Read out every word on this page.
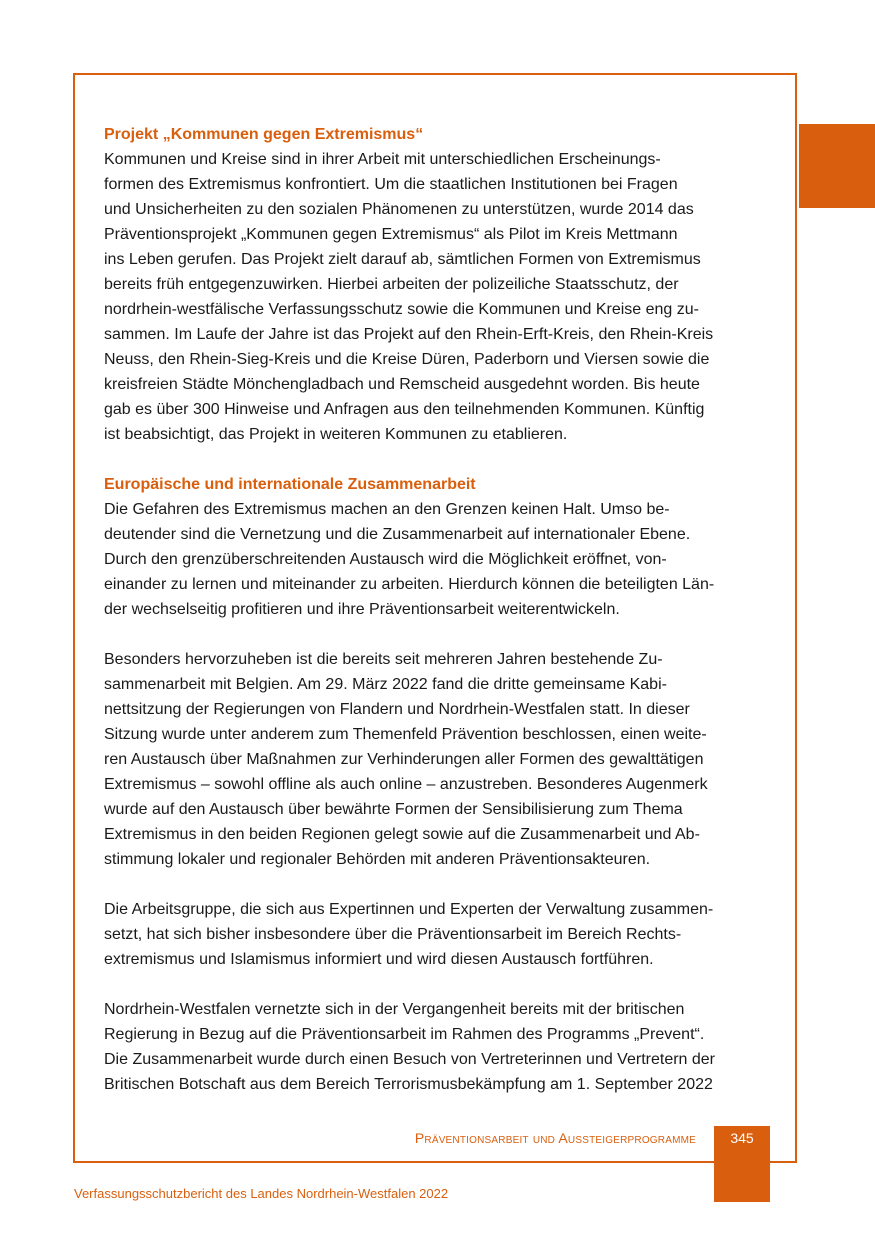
Projekt „Kommunen gegen Extremismus“

Kommunen und Kreise sind in ihrer Arbeit mit unterschiedlichen Erscheinungs-
formen des Extremismus konfrontiert. Um die staatlichen Institutionen bei Fragen
und Unsicherheiten zu den sozialen Phänomenen zu unterstützen, wurde 2014 das
Präventionsprojekt „Kommunen gegen Extremismus“ als Pilot im Kreis Mettmann
ins Leben gerufen. Das Projekt zielt darauf ab, sämtlichen Formen von Extremismus
bereits früh entgegenzuwirken. Hierbei arbeiten der polizeiliche Staatsschutz, der
nordrhein-westfälische Verfassungsschutz sowie die Kommunen und Kreise eng zu-
sammen. Im Laufe der Jahre ist das Projekt auf den Rhein-Erft-Kreis, den Rhein-Kreis
Neuss, den Rhein-Sieg-Kreis und die Kreise Düren, Paderborn und Viersen sowie die
kreisfreien Städte Mönchengladbach und Remscheid ausgedehnt worden. Bis heute
gab es über 300 Hinweise und Anfragen aus den teilnehmenden Kommunen. Künftig
ist beabsichtigt, das Projekt in weiteren Kommunen zu etablieren.

Europäische und internationale Zusammenarbeit

Die Gefahren des Extremismus machen an den Grenzen keinen Halt. Umso be-
deutender sind die Vernetzung und die Zusammenarbeit auf internationaler Ebene.
Durch den grenzüberschreitenden Austausch wird die Möglichkeit eröffnet, von-
einander zu lernen und miteinander zu arbeiten. Hierdurch können die beteiligten Län-
der wechselseitig profitieren und ihre Präventionsarbeit weiterentwickeln.

Besonders hervorzuheben ist die bereits seit mehreren Jahren bestehende Zu-
sammenarbeit mit Belgien. Am 29. März 2022 fand die dritte gemeinsame Kabi-
nettsitzung der Regierungen von Flandern und Nordrhein-Westfalen statt. In dieser
Sitzung wurde unter anderem zum Themenfeld Prävention beschlossen, einen weite-
ren Austausch über Maßnahmen zur Verhinderungen aller Formen des gewalttätigen
Extremismus – sowohl offline als auch online – anzustreben. Besonderes Augenmerk
wurde auf den Austausch über bewährte Formen der Sensibilisierung zum Thema
Extremismus in den beiden Regionen gelegt sowie auf die Zusammenarbeit und Ab-
stimmung lokaler und regionaler Behörden mit anderen Präventionsakteuren.

Die Arbeitsgruppe, die sich aus Expertinnen und Experten der Verwaltung zusammen-
setzt, hat sich bisher insbesondere über die Präventionsarbeit im Bereich Rechts-
extremismus und Islamismus informiert und wird diesen Austausch fortführen.

Nordrhein-Westfalen vernetzte sich in der Vergangenheit bereits mit der britischen
Regierung in Bezug auf die Präventionsarbeit im Rahmen des Programms „Prevent“.
Die Zusammenarbeit wurde durch einen Besuch von Vertreterinnen und Vertretern der
Britischen Botschaft aus dem Bereich Terrorismusbekämpfung am 1. September 2022

Präventionsarbeit und Aussteigerprogramme	345
Verfassungsschutzbericht des Landes Nordrhein-Westfalen 2022
